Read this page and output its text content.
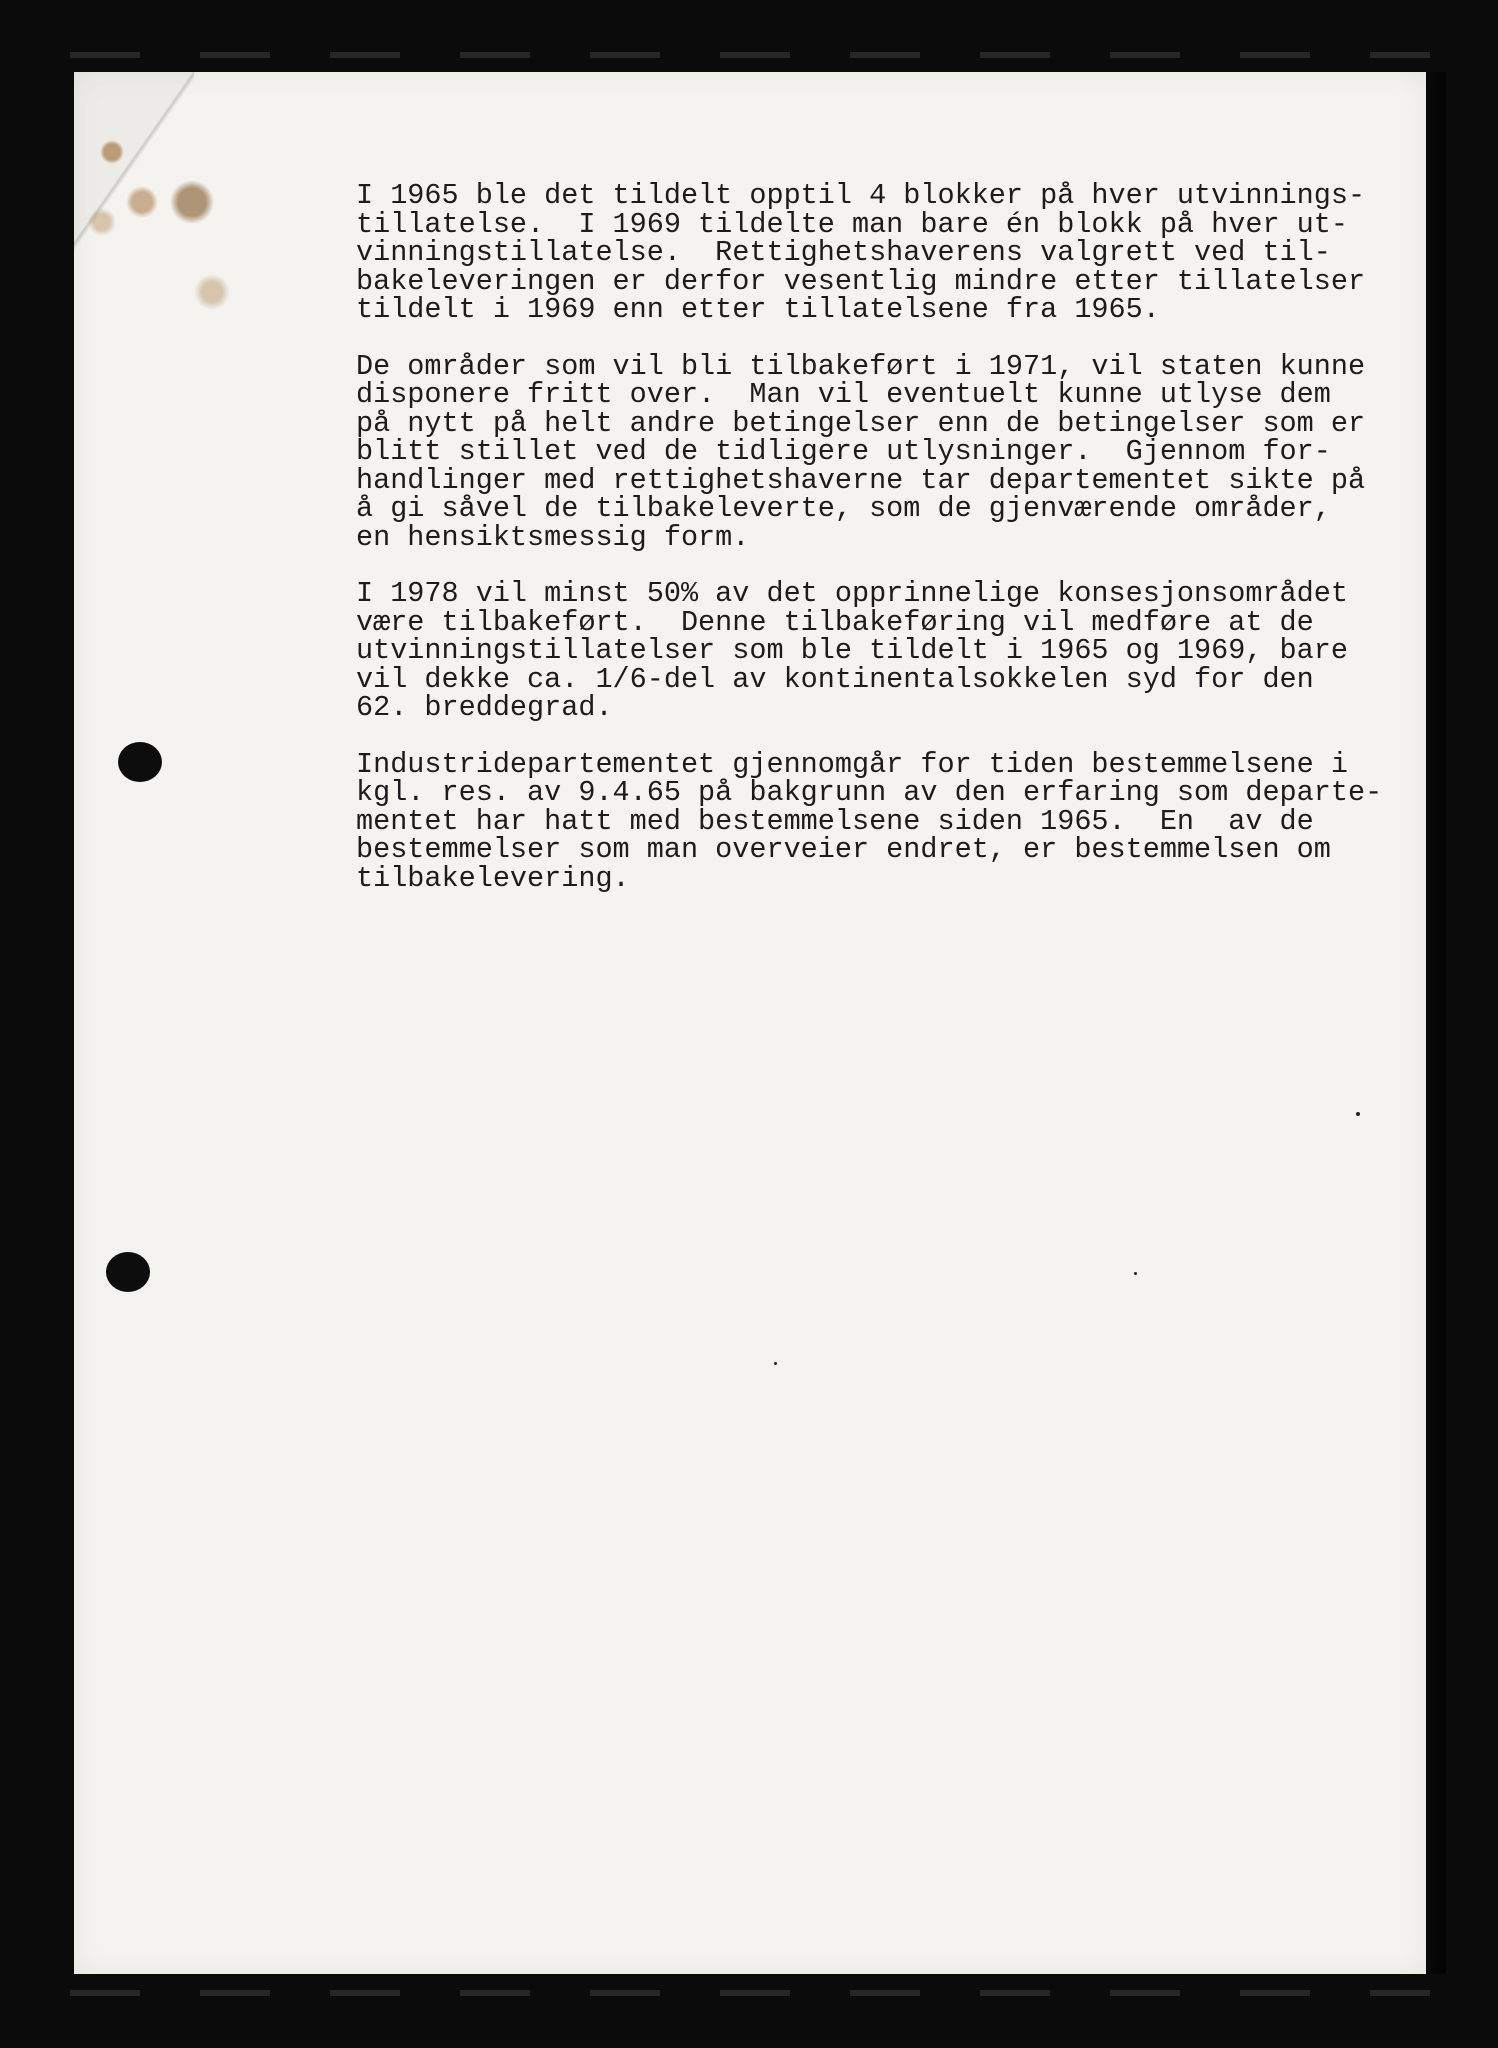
I 1965 ble det tildelt opptil 4 blokker på hver utvinnings-
tillatelse.  I 1969 tildelte man bare én blokk på hver ut-
vinningstillatelse.  Rettighetshaverens valgrett ved til-
bakeleveringen er derfor vesentlig mindre etter tillatelser
tildelt i 1969 enn etter tillatelsene fra 1965.

De områder som vil bli tilbakeført i 1971, vil staten kunne
disponere fritt over.  Man vil eventuelt kunne utlyse dem
på nytt på helt andre betingelser enn de betingelser som er
blitt stillet ved de tidligere utlysninger.  Gjennom for-
handlinger med rettighetshaverne tar departementet sikte på
å gi såvel de tilbakeleverte, som de gjenværende områder,
en hensiktsmessig form.

I 1978 vil minst 50% av det opprinnelige konsesjonsområdet
være tilbakeført.  Denne tilbakeføring vil medføre at de
utvinningstillatelser som ble tildelt i 1965 og 1969, bare
vil dekke ca. 1/6-del av kontinentalsokkelen syd for den
62. breddegrad.

Industridepartementet gjennomgår for tiden bestemmelsene i
kgl. res. av 9.4.65 på bakgrunn av den erfaring som departe-
mentet har hatt med bestemmelsene siden 1965.  En  av de
bestemmelser som man overveier endret, er bestemmelsen om
tilbakelevering.
